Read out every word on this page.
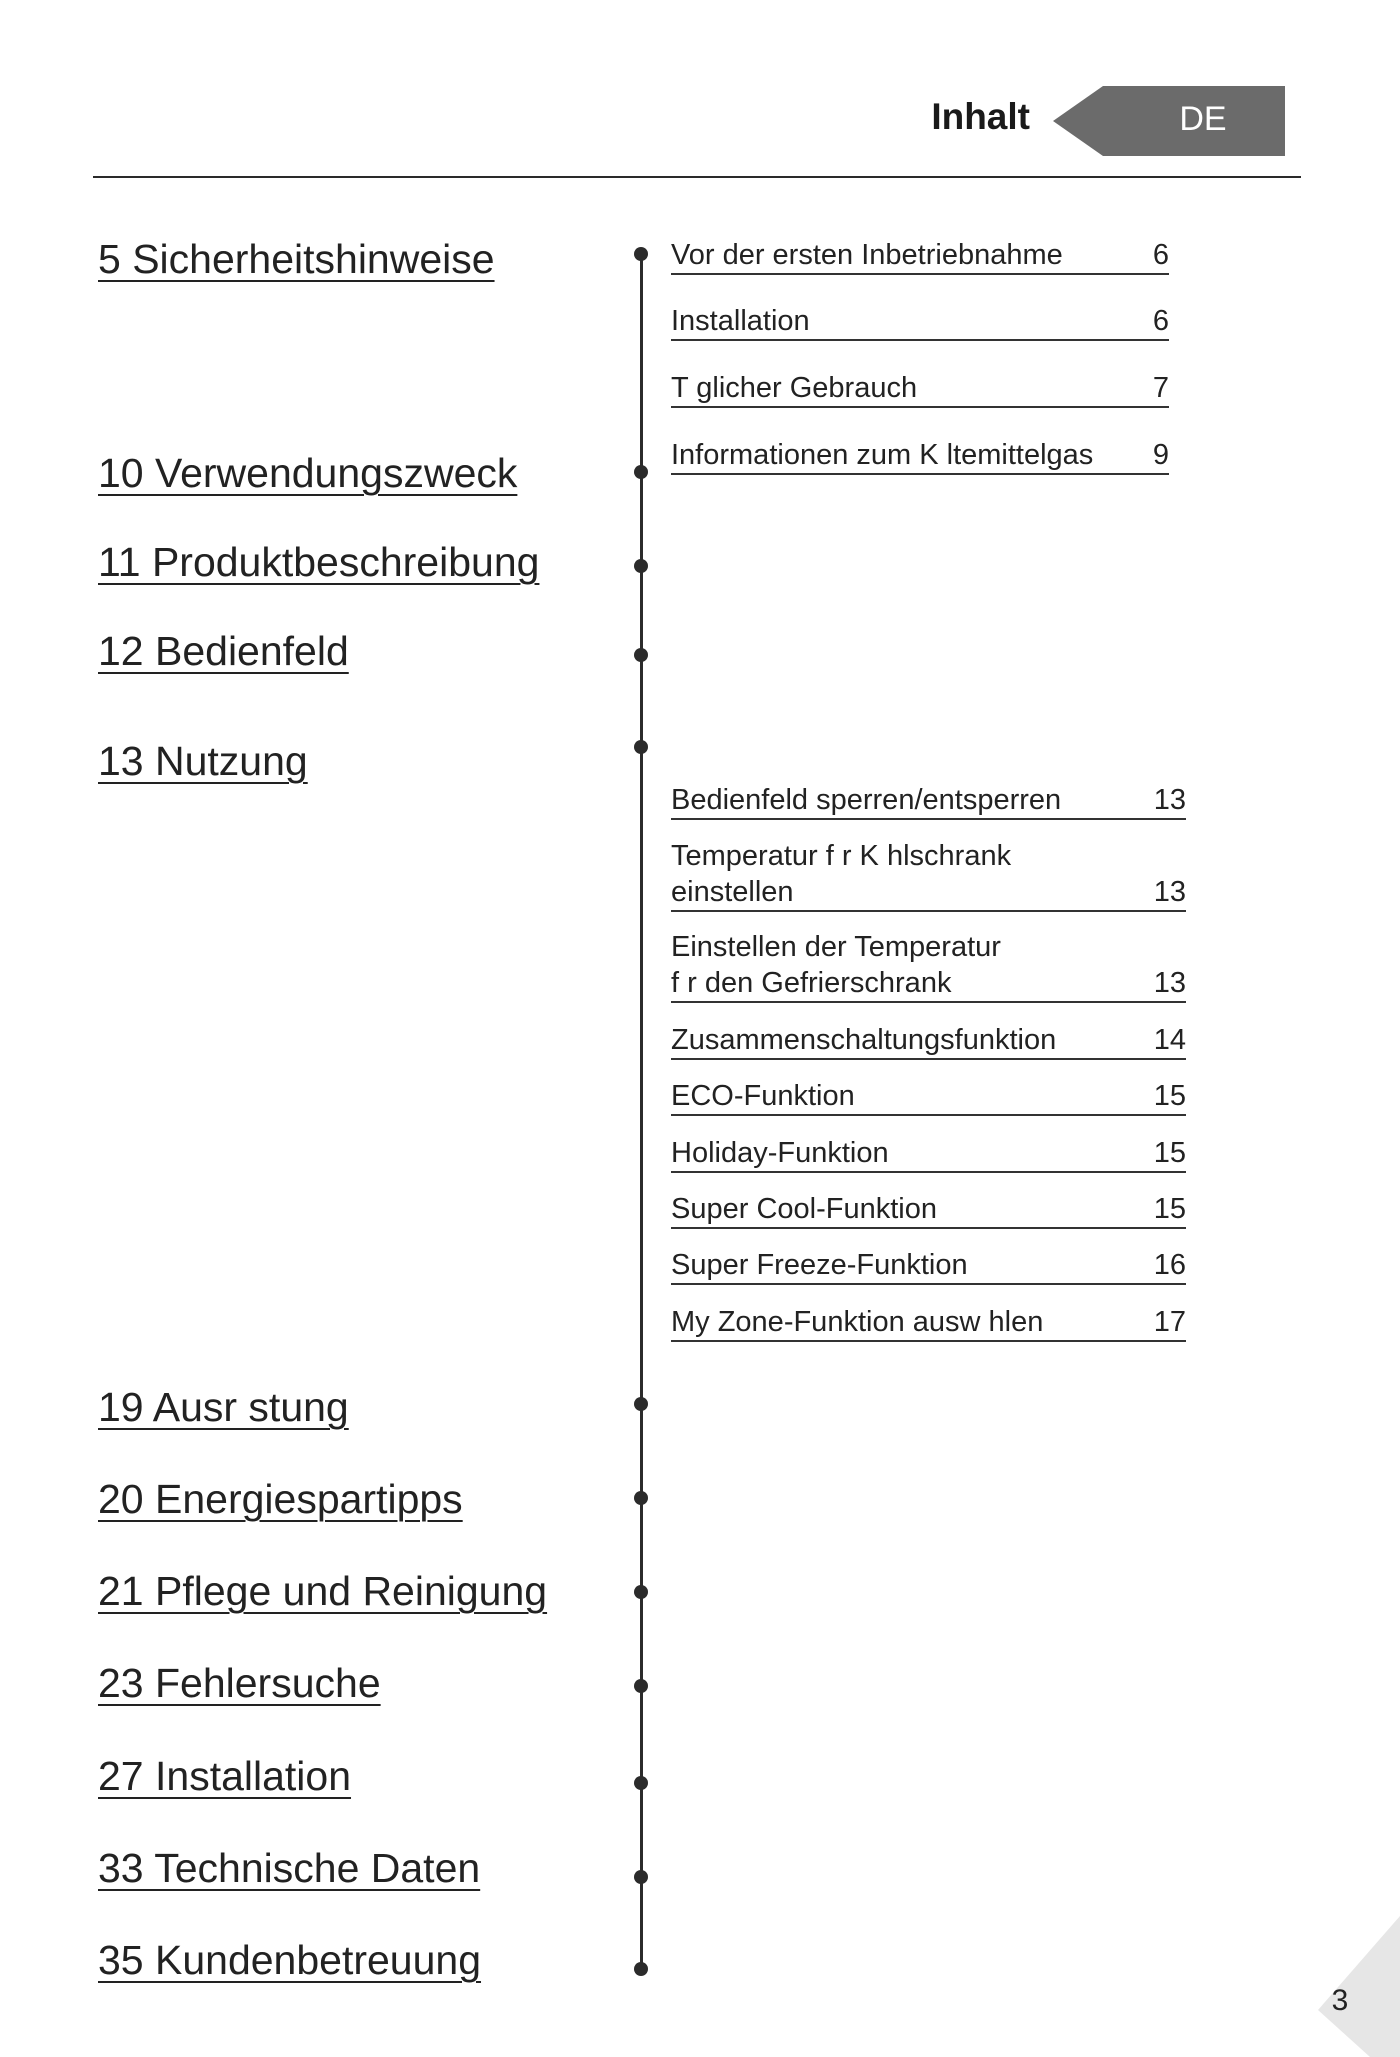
Inhalt	DE
5 Sicherheitshinweise
10 Verwendungszweck
11 Produktbeschreibung
12 Bedienfeld
13 Nutzung
19 Ausr stung
20 Energiespartipps
21 Pflege und Reinigung
23 Fehlersuche
27 Installation
33 Technische Daten
35 Kundenbetreuung
Vor der ersten Inbetriebnahme	6
Installation	6
T glicher Gebrauch	7
Informationen zum K ltemittelgas 9
Bedienfeld sperren/entsperren	13
Temperatur f r K hlschrank
einstellen	13
Einstellen der Temperatur
f r den Gefrierschrank	13
Zusammenschaltungsfunktion	14
ECO-Funktion	15
Holiday-Funktion	15
Super Cool-Funktion	15
Super Freeze-Funktion	16
My Zone-Funktion ausw hlen	17
3
